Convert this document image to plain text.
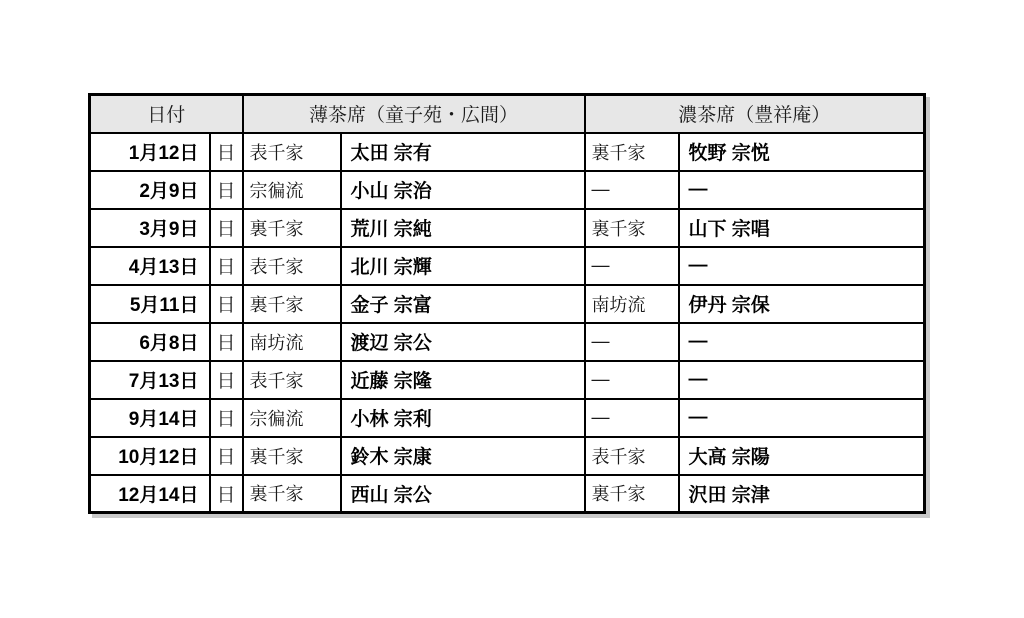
日付		薄茶席（童子苑・広間）		濃茶席（豊祥庵）	
1月12日	日	表千家	太田 宗有	裏千家	牧野 宗悦
2月9日	日	宗徧流	小山 宗治	―	―
3月9日	日	裏千家	荒川 宗純	裏千家	山下 宗唱
4月13日	日	表千家	北川 宗輝	―	―
5月11日	日	裏千家	金子 宗富	南坊流	伊丹 宗保
6月8日	日	南坊流	渡辺 宗公	―	―
7月13日	日	表千家	近藤 宗隆	―	―
9月14日	日	宗徧流	小林 宗利	―	―
10月12日	日	裏千家	鈴木 宗康	表千家	大高 宗陽
12月14日	日	裏千家	西山 宗公	裏千家	沢田 宗津
